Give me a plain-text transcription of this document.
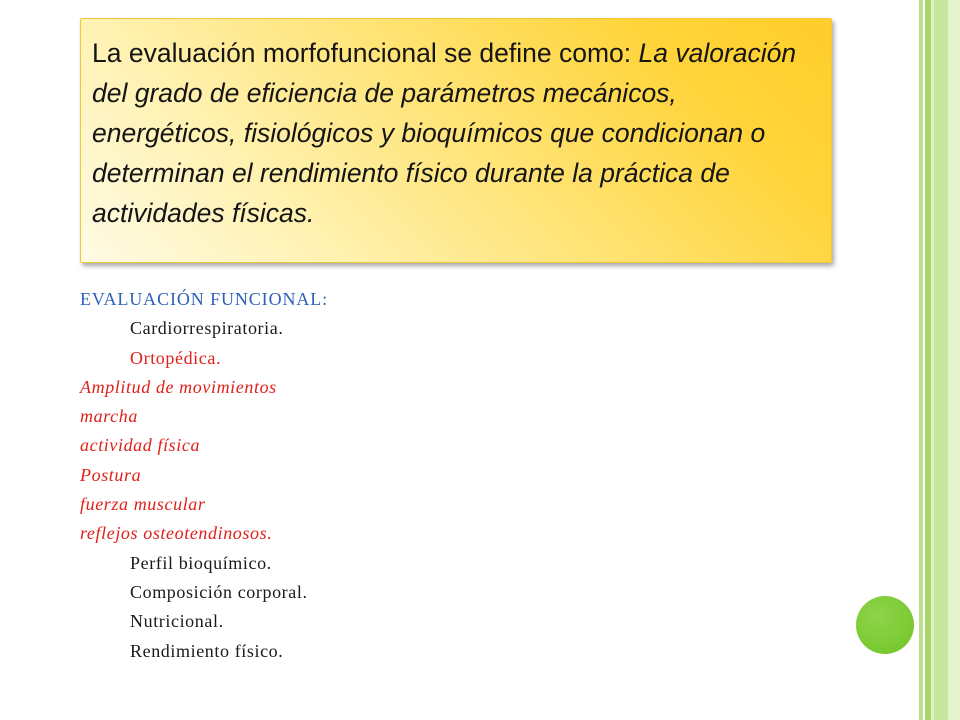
La evaluación morfofuncional se define como: La valoración del grado de eficiencia de parámetros mecánicos, energéticos, fisiológicos y bioquímicos que condicionan o determinan el rendimiento físico durante la práctica de actividades físicas.

EVALUACIÓN FUNCIONAL:
Cardiorrespiratoria.
Ortopédica.
Amplitud de movimientos
marcha
actividad física
Postura
fuerza muscular
reflejos osteotendinosos.
Perfil bioquímico.
Composición corporal.
Nutricional.
Rendimiento físico.
